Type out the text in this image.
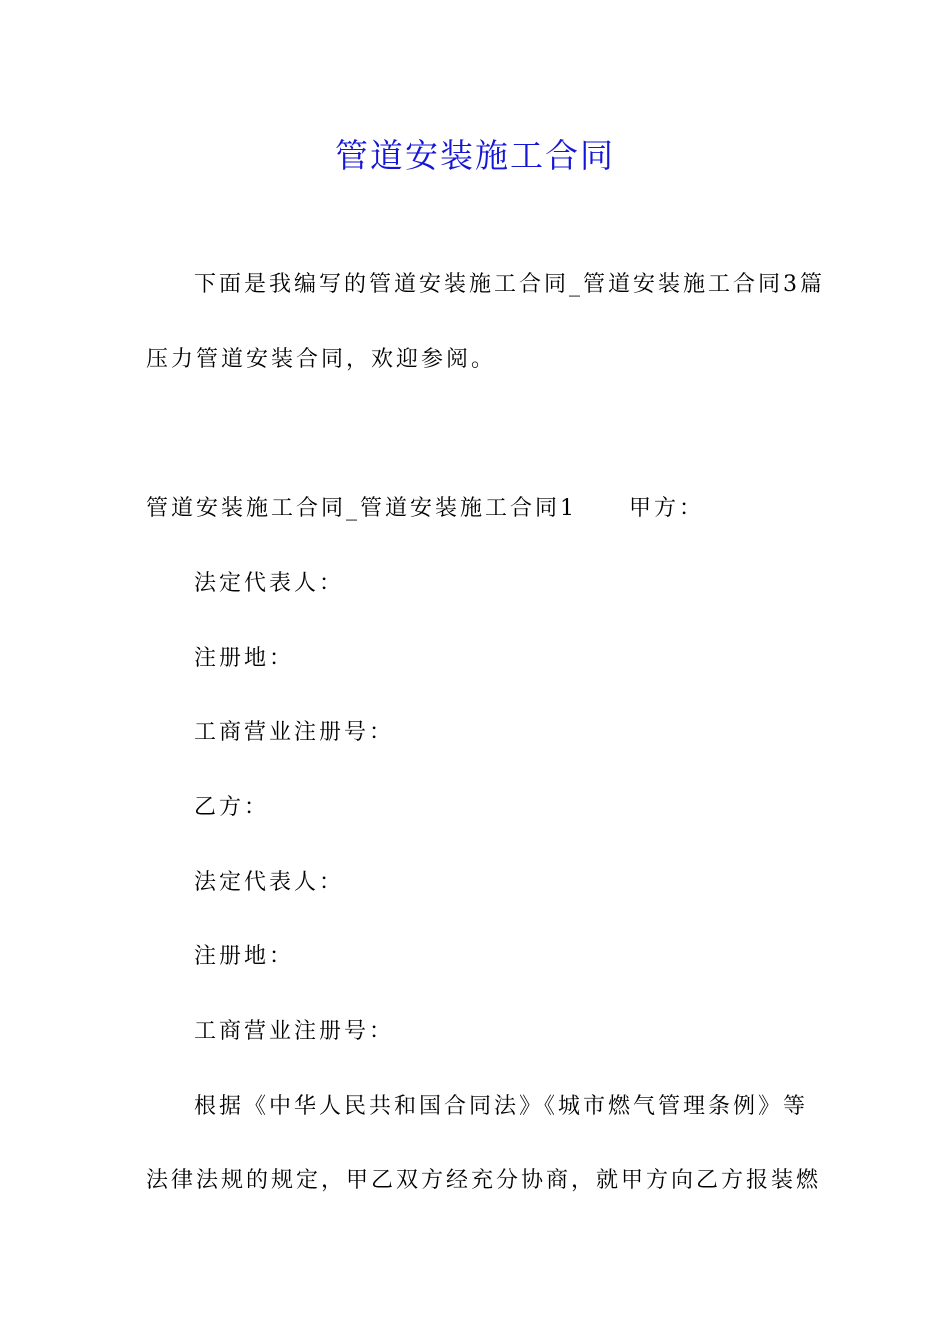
管道安装施工合同
下面是我编写的管道安装施工合同_管道安装施工合同3篇
压力管道安装合同，欢迎参阅。
管道安装施工合同_管道安装施工合同1 甲方：
法定代表人：
注册地：
工商营业注册号：
乙方：
法定代表人：
注册地：
工商营业注册号：
根据《中华人民共和国合同法》《城市燃气管理条例》等
法律法规的规定，甲乙双方经充分协商，就甲方向乙方报装燃
